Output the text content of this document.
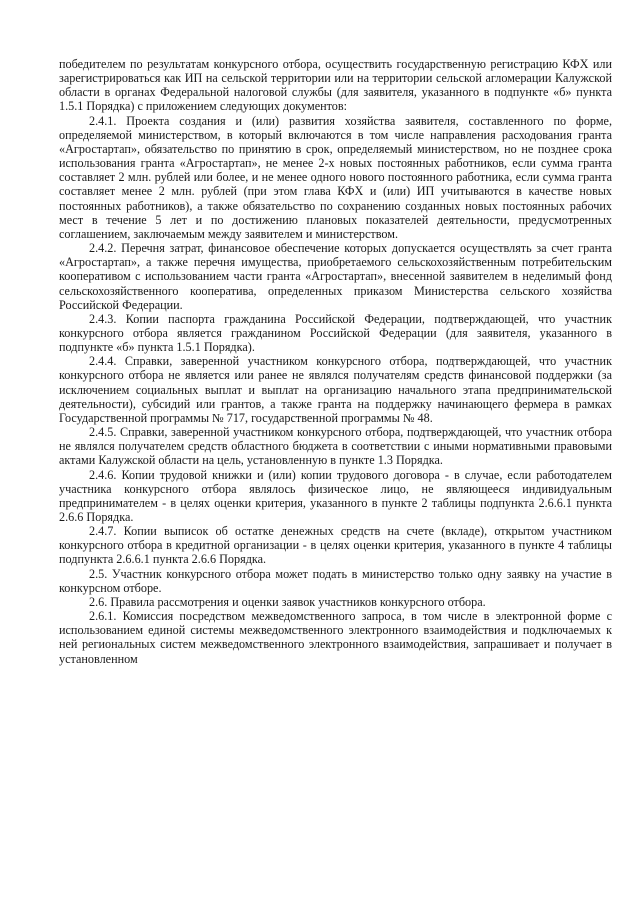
победителем по результатам конкурсного отбора, осуществить государственную регистрацию КФХ или зарегистрироваться как ИП на сельской территории или на территории сельской агломерации Калужской области в органах Федеральной налоговой службы (для заявителя, указанного в подпункте «б» пункта 1.5.1 Порядка) с приложением следующих документов:

2.4.1. Проекта создания и (или) развития хозяйства заявителя, составленного по форме, определяемой министерством, в который включаются в том числе направления расходования гранта «Агростартап», обязательство по принятию в срок, определяемый министерством, но не позднее срока использования гранта «Агростартап», не менее 2-х новых постоянных работников, если сумма гранта составляет 2 млн. рублей или более, и не менее одного нового постоянного работника, если сумма гранта составляет менее 2 млн. рублей (при этом глава КФХ и (или) ИП учитываются в качестве новых постоянных работников), а также обязательство по сохранению созданных новых постоянных рабочих мест в течение 5 лет и по достижению плановых показателей деятельности, предусмотренных соглашением, заключаемым между заявителем и министерством.

2.4.2. Перечня затрат, финансовое обеспечение которых допускается осуществлять за счет гранта «Агростартап», а также перечня имущества, приобретаемого сельскохозяйственным потребительским кооперативом с использованием части гранта «Агростартап», внесенной заявителем в неделимый фонд сельскохозяйственного кооператива, определенных приказом Министерства сельского хозяйства Российской Федерации.

2.4.3. Копии паспорта гражданина Российской Федерации, подтверждающей, что участник конкурсного отбора является гражданином Российской Федерации (для заявителя, указанного в подпункте «б» пункта 1.5.1 Порядка).

2.4.4. Справки, заверенной участником конкурсного отбора, подтверждающей, что участник конкурсного отбора не является или ранее не являлся получателям средств финансовой поддержки (за исключением социальных выплат и выплат на организацию начального этапа предпринимательской деятельности), субсидий или грантов, а также гранта на поддержку начинающего фермера в рамках Государственной программы № 717, государственной программы № 48.

2.4.5. Справки, заверенной участником конкурсного отбора, подтверждающей, что участник отбора не являлся получателем средств областного бюджета в соответствии с иными нормативными правовыми актами Калужской области на цель, установленную в пункте 1.3 Порядка.

2.4.6. Копии трудовой книжки и (или) копии трудового договора - в случае, если работодателем участника конкурсного отбора являлось физическое лицо, не являющееся индивидуальным предпринимателем - в целях оценки критерия, указанного в пункте 2 таблицы подпункта 2.6.6.1 пункта 2.6.6 Порядка.

2.4.7. Копии выписок об остатке денежных средств на счете (вкладе), открытом участником конкурсного отбора в кредитной организации - в целях оценки критерия, указанного в пункте 4 таблицы подпункта 2.6.6.1 пункта 2.6.6 Порядка.

2.5. Участник конкурсного отбора может подать в министерство только одну заявку на участие в конкурсном отборе.

2.6. Правила рассмотрения и оценки заявок участников конкурсного отбора.

2.6.1. Комиссия посредством межведомственного запроса, в том числе в электронной форме с использованием единой системы межведомственного электронного взаимодействия и подключаемых к ней региональных систем межведомственного электронного взаимодействия, запрашивает и получает в установленном
